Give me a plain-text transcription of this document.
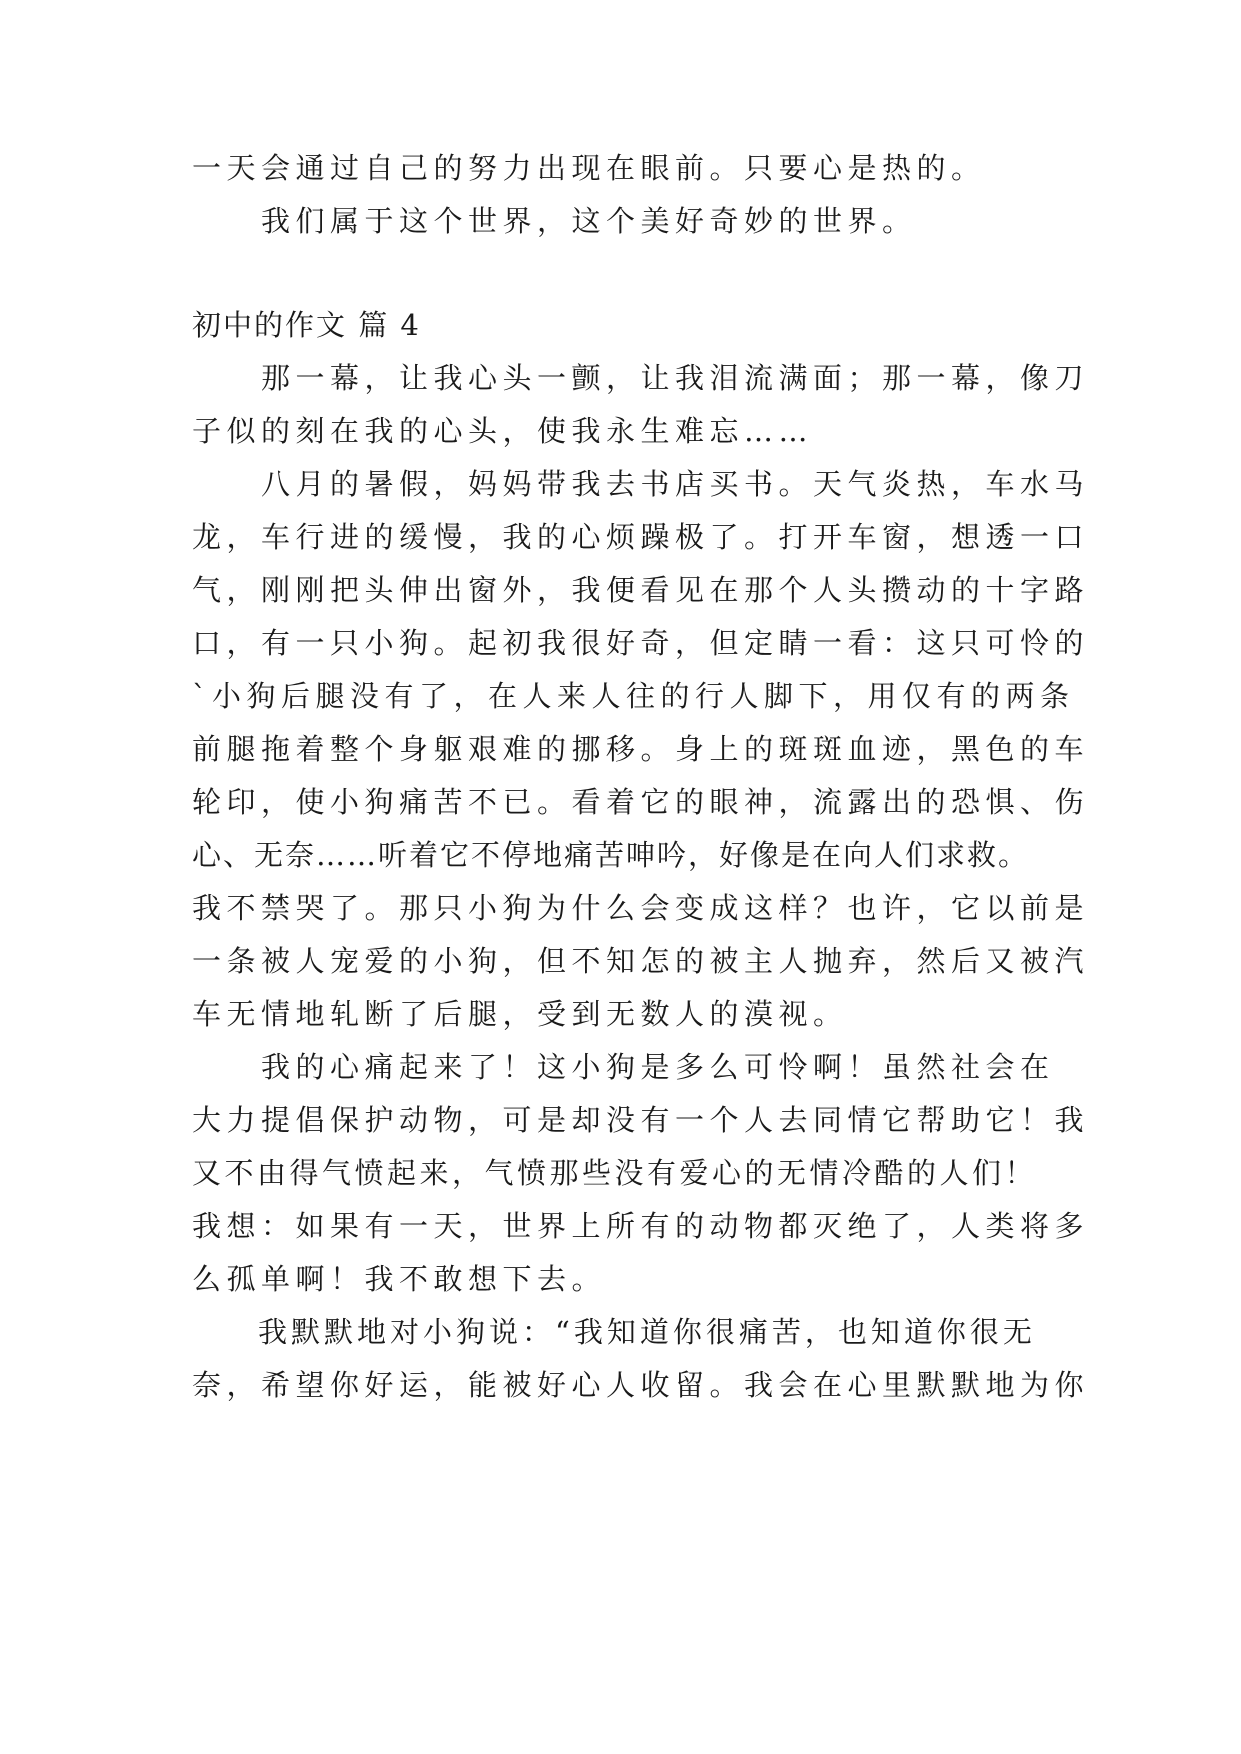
一天会通过自己的努力出现在眼前。只要心是热的。
　　我们属于这个世界，这个美好奇妙的世界。
初中的作文 篇 4
　　那一幕，让我心头一颤，让我泪流满面；那一幕，像刀
子似的刻在我的心头，使我永生难忘……
　　八月的暑假，妈妈带我去书店买书。天气炎热，车水马
龙，车行进的缓慢，我的心烦躁极了。打开车窗，想透一口
气，刚刚把头伸出窗外，我便看见在那个人头攒动的十字路
口，有一只小狗。起初我很好奇，但定睛一看：这只可怜的
`小狗后腿没有了，在人来人往的行人脚下，用仅有的两条
前腿拖着整个身躯艰难的挪移。身上的斑斑血迹，黑色的车
轮印，使小狗痛苦不已。看着它的眼神，流露出的恐惧、伤
心、无奈……听着它不停地痛苦呻吟，好像是在向人们求救。
我不禁哭了。那只小狗为什么会变成这样？也许，它以前是
一条被人宠爱的小狗，但不知怎的被主人抛弃，然后又被汽
车无情地轧断了后腿，受到无数人的漠视。
　　我的心痛起来了！这小狗是多么可怜啊！虽然社会在
大力提倡保护动物，可是却没有一个人去同情它帮助它！我
又不由得气愤起来，气愤那些没有爱心的无情冷酷的人们！
我想：如果有一天，世界上所有的动物都灭绝了，人类将多
么孤单啊！我不敢想下去。
　　我默默地对小狗说：“我知道你很痛苦，也知道你很无
奈，希望你好运，能被好心人收留。我会在心里默默地为你
